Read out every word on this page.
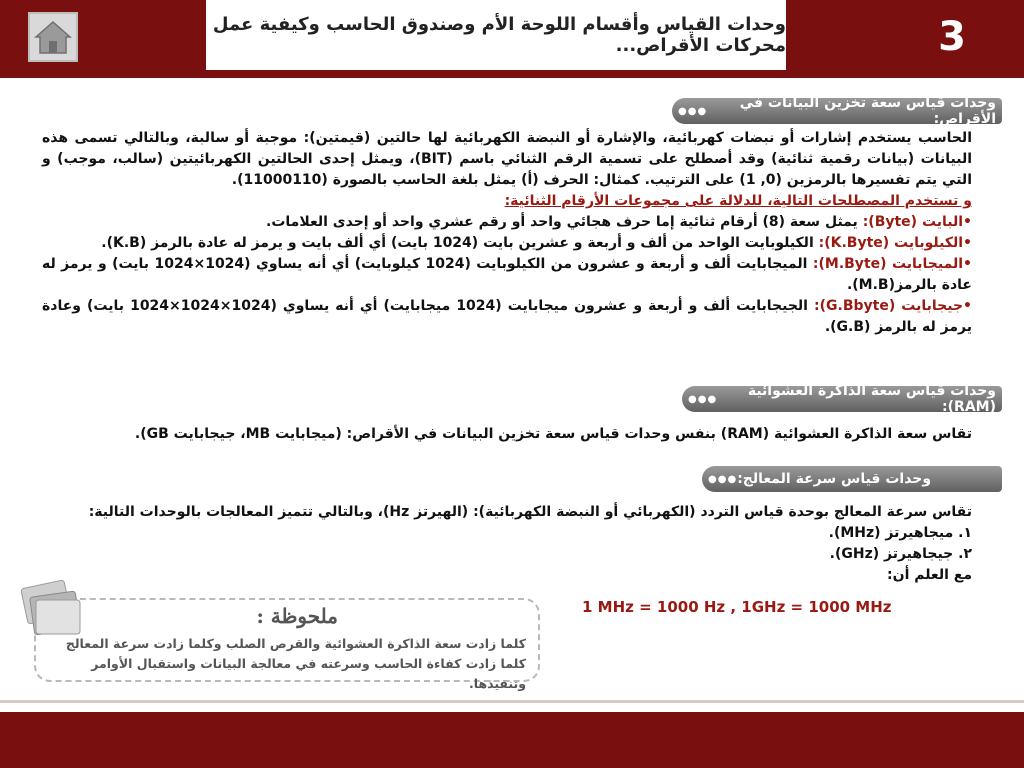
وحدات القياس وأقسام اللوحة الأم وصندوق الحاسب وكيفية عمل محركات الأقراص...	3
وحدات قياس سعة تخزين البيانات في الأقراص:
●●●

الحاسب يستخدم إشارات أو نبضات كهربائية، والإشارة أو النبضة الكهربائية لها حالتين (قيمتين): موجبة أو سالبة، وبالتالي تسمى هذه البيانات (بيانات رقمية ثنائية) وقد أصطلح على تسمية الرقم الثنائي باسم (BIT)، ويمثل إحدى الحالتين الكهربائيتين (سالب، موجب) و التي يتم تفسيرها بالرمزين (0, 1) على الترتيب. كمثال: الحرف (أ) يمثل بلغة الحاسب بالصورة (11000110).

و تستخدم المصطلحات التالية، للدلالة على مجموعات الأرقام الثنائية:

•البايت (Byte): يمثل سعة (8) أرقام ثنائية إما حرف هجائي واحد أو رقم عشري واحد أو إحدى العلامات.

•الكيلوبايت (K.Byte): الكيلوبايت الواحد من ألف و أربعة و عشرين بايت (1024 بايت) أي ألف بايت و يرمز له عادة بالرمز (K.B).

•الميجابايت (M.Byte): الميجابايت ألف و أربعة و عشرون من الكيلوبايت (1024 كيلوبايت) أي أنه يساوي (1024×1024 بايت) و يرمز له عادة بالرمز(M.B).

•جيجابايت (G.Bbyte): الجيجابايت ألف و أربعة و عشرون ميجابايت (1024 ميجابايت) أي أنه يساوي (1024×1024×1024 بايت) وعادة يرمز له بالرمز (G.B).

وحدات قياس سعة الذاكرة العشوائية (RAM):
●●●

تقاس سعة الذاكرة العشوائية (RAM) بنفس وحدات قياس سعة تخزين البيانات في الأقراص: (ميجابايت MB، جيجابايت GB).

وحدات قياس سرعة المعالج:
●●●

تقاس سرعة المعالج بوحدة قياس التردد (الكهربائي أو النبضة الكهربائية): (الهيرتز Hz)، وبالتالي تتميز المعالجات بالوحدات التالية:

١. ميجاهيرتز (MHz).

٢. جيجاهيرتز (GHz).

مع العلم أن:

1 MHz = 1000 Hz , 1GHz = 1000 MHz
ملحوظة :
كلما زادت سعة الذاكرة العشوائية والقرص الصلب وكلما زادت سرعة المعالج كلما زادت كفاءة الحاسب وسرعته في معالجة البيانات واستقبال الأوامر وتنفيذها.
